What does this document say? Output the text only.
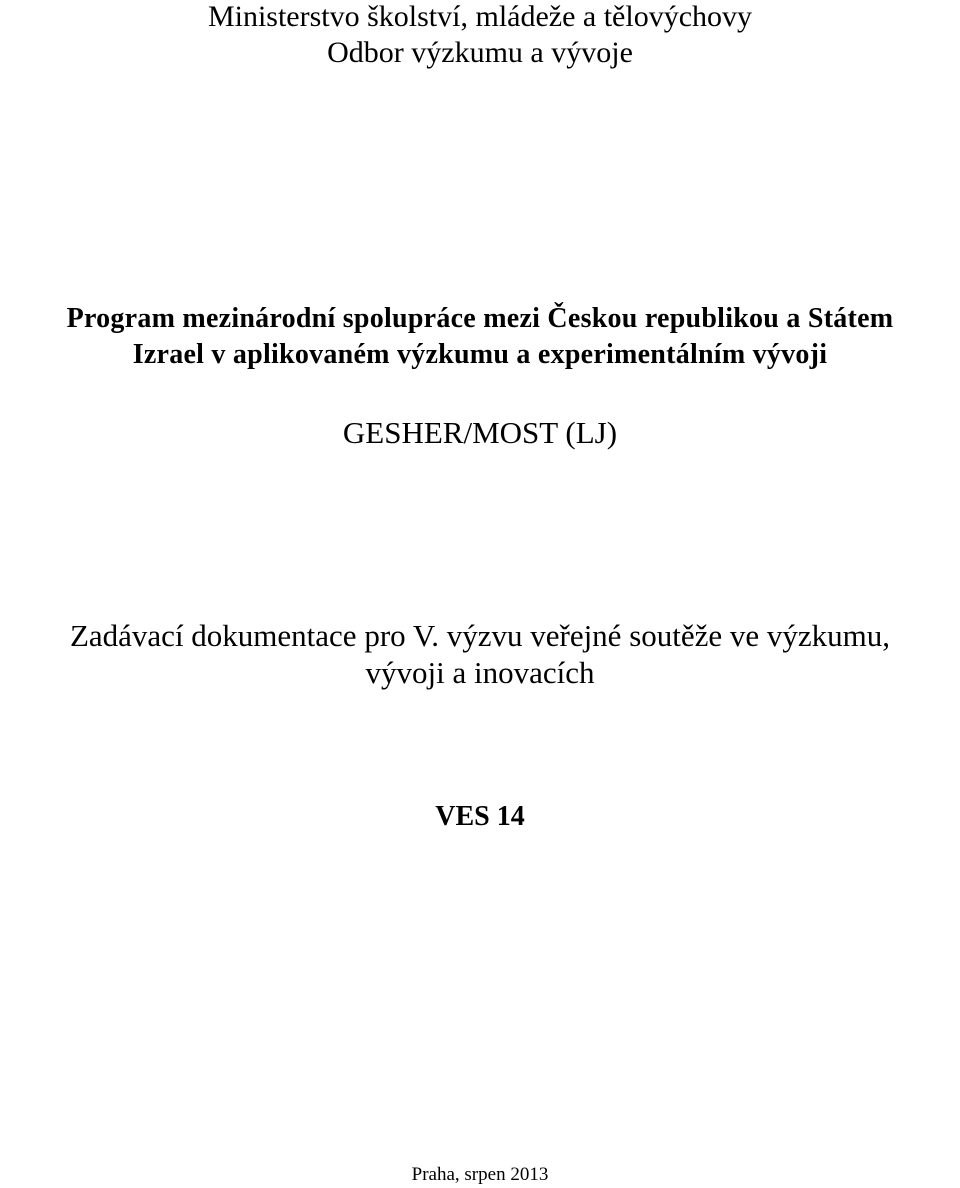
Ministerstvo školství, mládeže a tělovýchovy
Odbor výzkumu a vývoje
Program mezinárodní spolupráce mezi Českou republikou a Státem
Izrael v aplikovaném výzkumu a experimentálním vývoji
GESHER/MOST (LJ)
Zadávací dokumentace pro V. výzvu veřejné soutěže ve výzkumu,
vývoji a inovacích
VES 14
Praha, srpen 2013
